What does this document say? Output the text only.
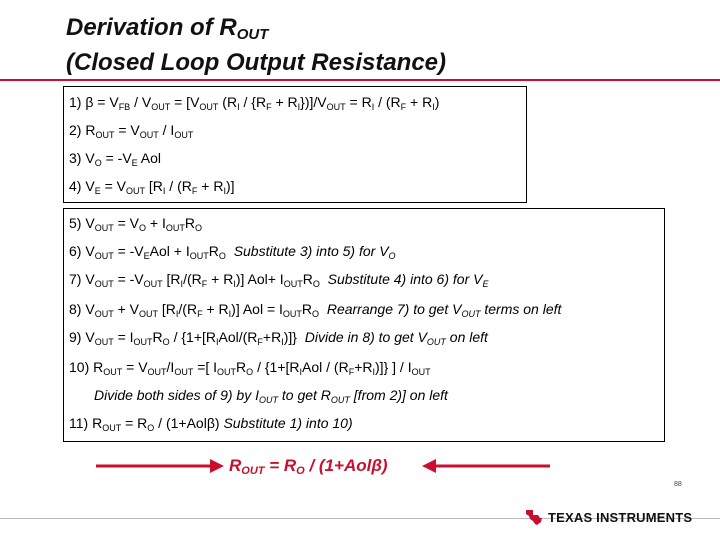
Derivation of $R_{OUT}$
(Closed Loop Output Resistance)
1) $\beta = V_{FB} / V_{OUT} = [V_{OUT}$ $(R_I / \{R_F + R_I\})]/V_{OUT} = R_I / (R_F + R_I)$
2) $R_{OUT} = V_{OUT} / I_{OUT}$
3) $V_O = -V_E$ Aol
4) $V_E = V_{OUT}$ $[R_I / (R_F + R_I)]$
5) $V_{OUT} = V_O + I_{OUT}R_O$
6) $V_{OUT} = -V_EAol + I_{OUT}R_O$ Substitute 3) into 5) for $V_O$
7) $V_{OUT} = -V_{OUT}$ $[R_I/(R_F + R_I)]$ $Aol+ I_{OUT}R_O$ Substitute 4) into 6) for $V_E$
8) $V_{OUT} + V_{OUT}$ $[R_I/(R_F + R_I)]$ Aol = $I_{OUT}R_O$ Rearrange 7) to get $V_{OUT}$ terms on left
9) $V_{OUT} = I_{OUT}R_O / \{1+[R_IAol/(R_F+R_I)]\}$  Divide in 8) to get $V_{OUT}$ on left
10) $R_{OUT} = V_{OUT}/I_{OUT}$ =[ $I_{OUT}R_O / \{1+[R_IAol / (R_F+R_I)]\}$ ] / $I_{OUT}$
Divide both sides of 9) by $I_{OUT}$ to get $R_{OUT}$ [from 2)] on left
11) $R_{OUT} = R_O / (1+Aol\beta)$ Substitute 1) into 10)
$R_{OUT} = R_O / (1+Aol\beta)$
88
TEXAS INSTRUMENTS
